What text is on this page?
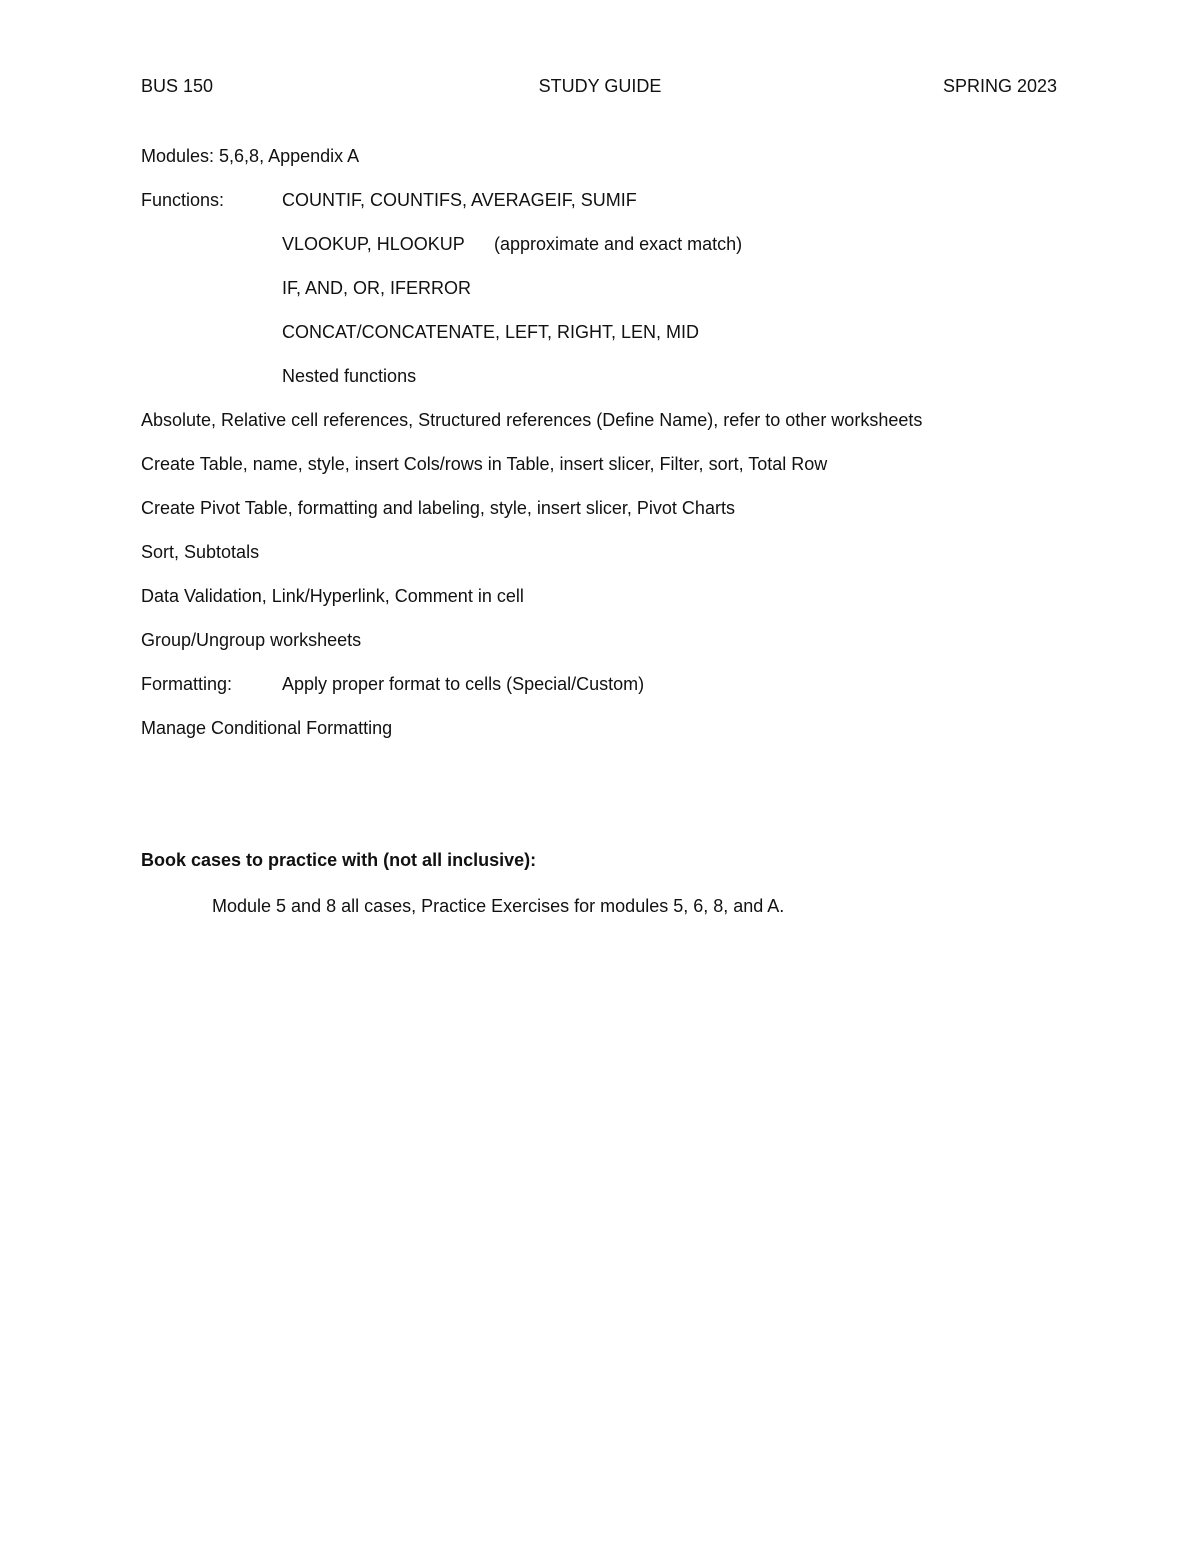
BUS 150	STUDY GUIDE	SPRING 2023
Modules: 5,6,8, Appendix A
Functions:	COUNTIF, COUNTIFS, AVERAGEIF, SUMIF
VLOOKUP, HLOOKUP (approximate and exact match)
IF, AND, OR, IFERROR
CONCAT/CONCATENATE, LEFT, RIGHT, LEN, MID
Nested functions
Absolute, Relative cell references, Structured references (Define Name), refer to other worksheets
Create Table, name, style, insert Cols/rows in Table, insert slicer, Filter, sort, Total Row
Create Pivot Table, formatting and labeling, style, insert slicer, Pivot Charts
Sort, Subtotals
Data Validation, Link/Hyperlink, Comment in cell
Group/Ungroup worksheets
Formatting:	Apply proper format to cells (Special/Custom)
Manage Conditional Formatting
Book cases to practice with (not all inclusive):
Module 5 and 8 all cases, Practice Exercises for modules 5, 6, 8, and A.
